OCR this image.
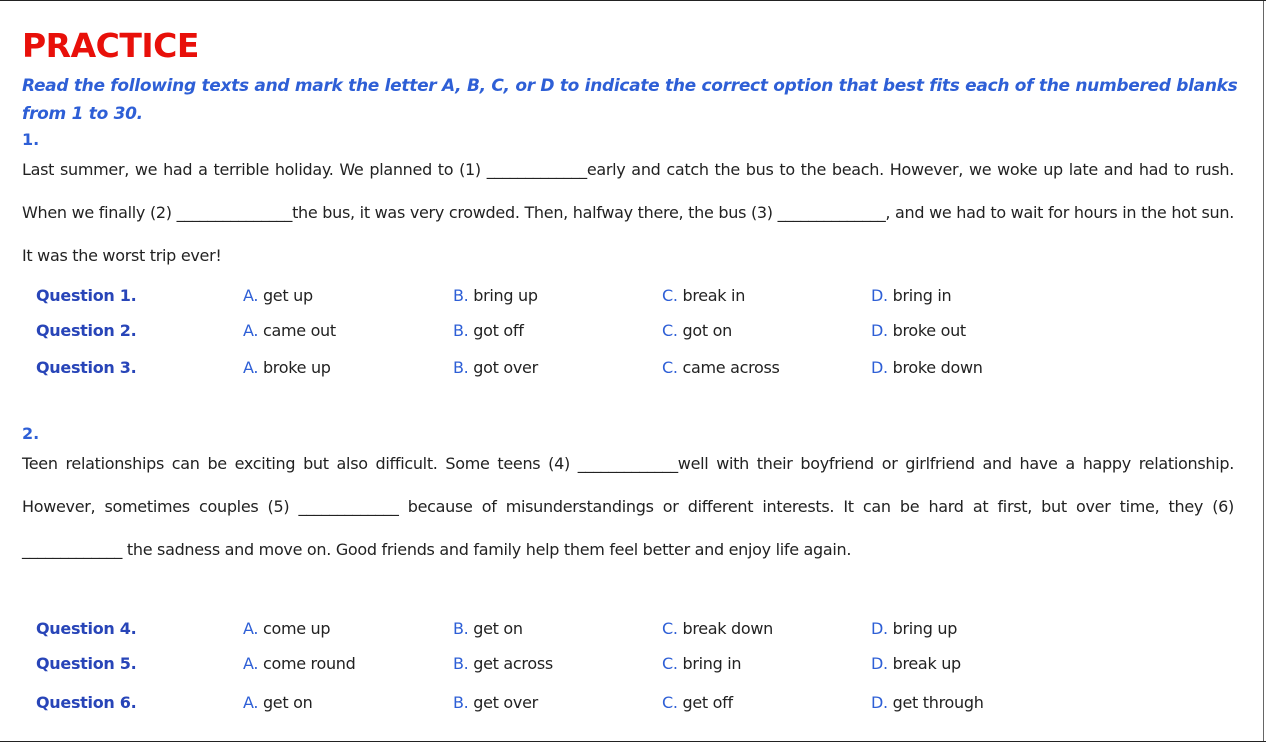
PRACTICE
Read the following texts and mark the letter A, B, C, or D to indicate the correct option that best fits each of the numbered blanks from 1 to 30.
1.
Last summer, we had a terrible holiday. We planned to (1) _____________early and catch the bus to the beach. However, we woke up late and had to rush. When we finally (2) _______________the bus, it was very crowded. Then, halfway there, the bus (3) ______________, and we had to wait for hours in the hot sun. It was the worst trip ever!
Question 1.	A. get up	B. bring up	C. break in	D. bring in
Question 2.	A. came out	B. got off	C. got on	D. broke out
Question 3.	A. broke up	B. got over	C. came across	D. broke down
2.
Teen relationships can be exciting but also difficult. Some teens (4) _____________well with their boyfriend or girlfriend and have a happy relationship. However, sometimes couples (5) _____________ because of misunderstandings or different interests. It can be hard at first, but over time, they (6) _____________ the sadness and move on. Good friends and family help them feel better and enjoy life again.
Question 4.	A. come up	B. get on	C. break down	D. bring up
Question 5.	A. come round	B. get across	C. bring in	D. break up
Question 6.	A. get on	B. get over	C. get off	D. get through
